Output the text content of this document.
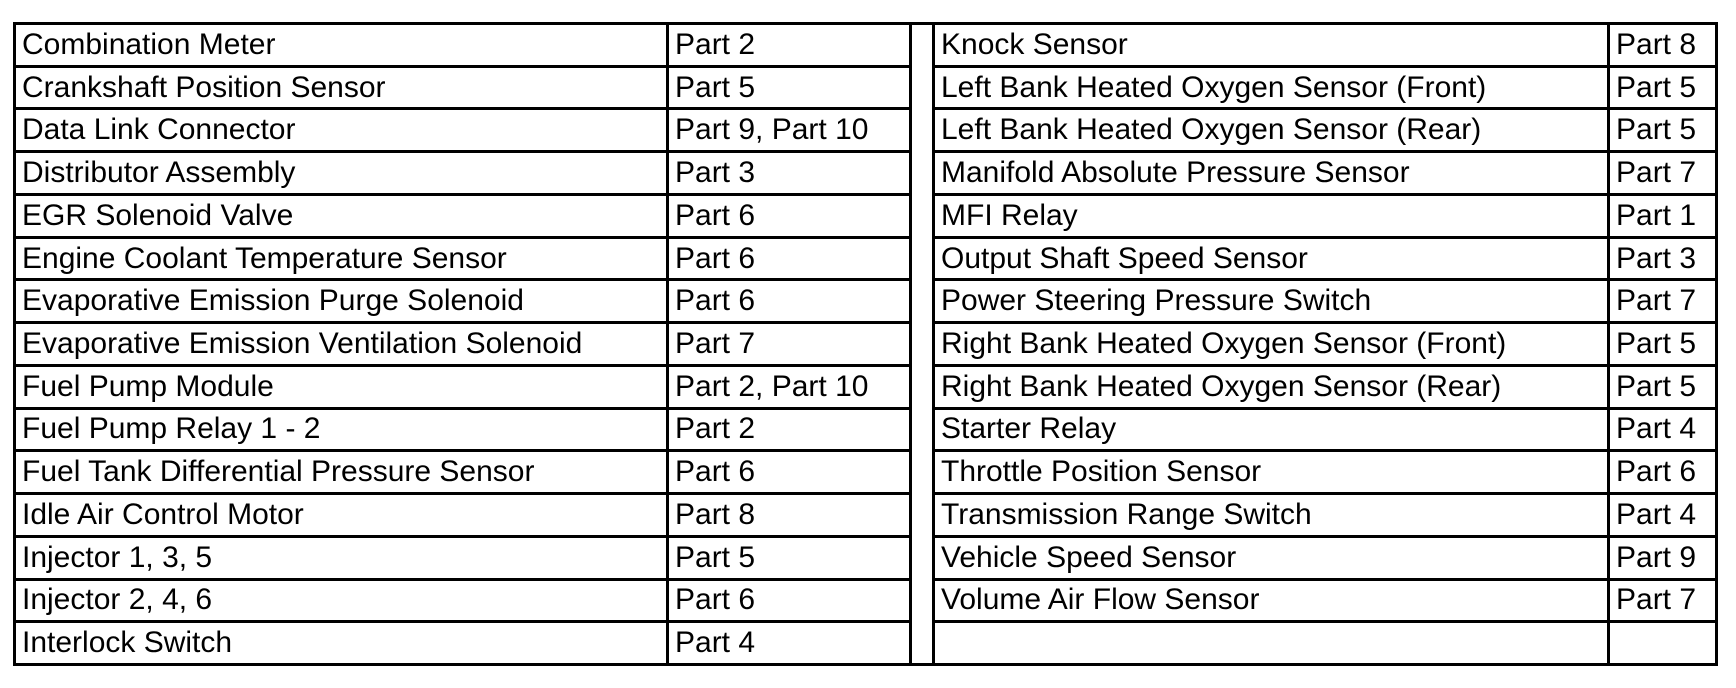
Combination Meter	Part 2
Crankshaft Position Sensor	Part 5
Data Link Connector	Part 9, Part 10
Distributor Assembly	Part 3
EGR Solenoid Valve	Part 6
Engine Coolant Temperature Sensor	Part 6
Evaporative Emission Purge Solenoid	Part 6
Evaporative Emission Ventilation Solenoid	Part 7
Fuel Pump Module	Part 2, Part 10
Fuel Pump Relay 1 - 2	Part 2
Fuel Tank Differential Pressure Sensor	Part 6
Idle Air Control Motor	Part 8
Injector 1, 3, 5	Part 5
Injector 2, 4, 6	Part 6
Interlock Switch	Part 4
Knock Sensor	Part 8
Left Bank Heated Oxygen Sensor (Front)	Part 5
Left Bank Heated Oxygen Sensor (Rear)	Part 5
Manifold Absolute Pressure Sensor	Part 7
MFI Relay	Part 1
Output Shaft Speed Sensor	Part 3
Power Steering Pressure Switch	Part 7
Right Bank Heated Oxygen Sensor (Front)	Part 5
Right Bank Heated Oxygen Sensor (Rear)	Part 5
Starter Relay	Part 4
Throttle Position Sensor	Part 6
Transmission Range Switch	Part 4
Vehicle Speed Sensor	Part 9
Volume Air Flow Sensor	Part 7
